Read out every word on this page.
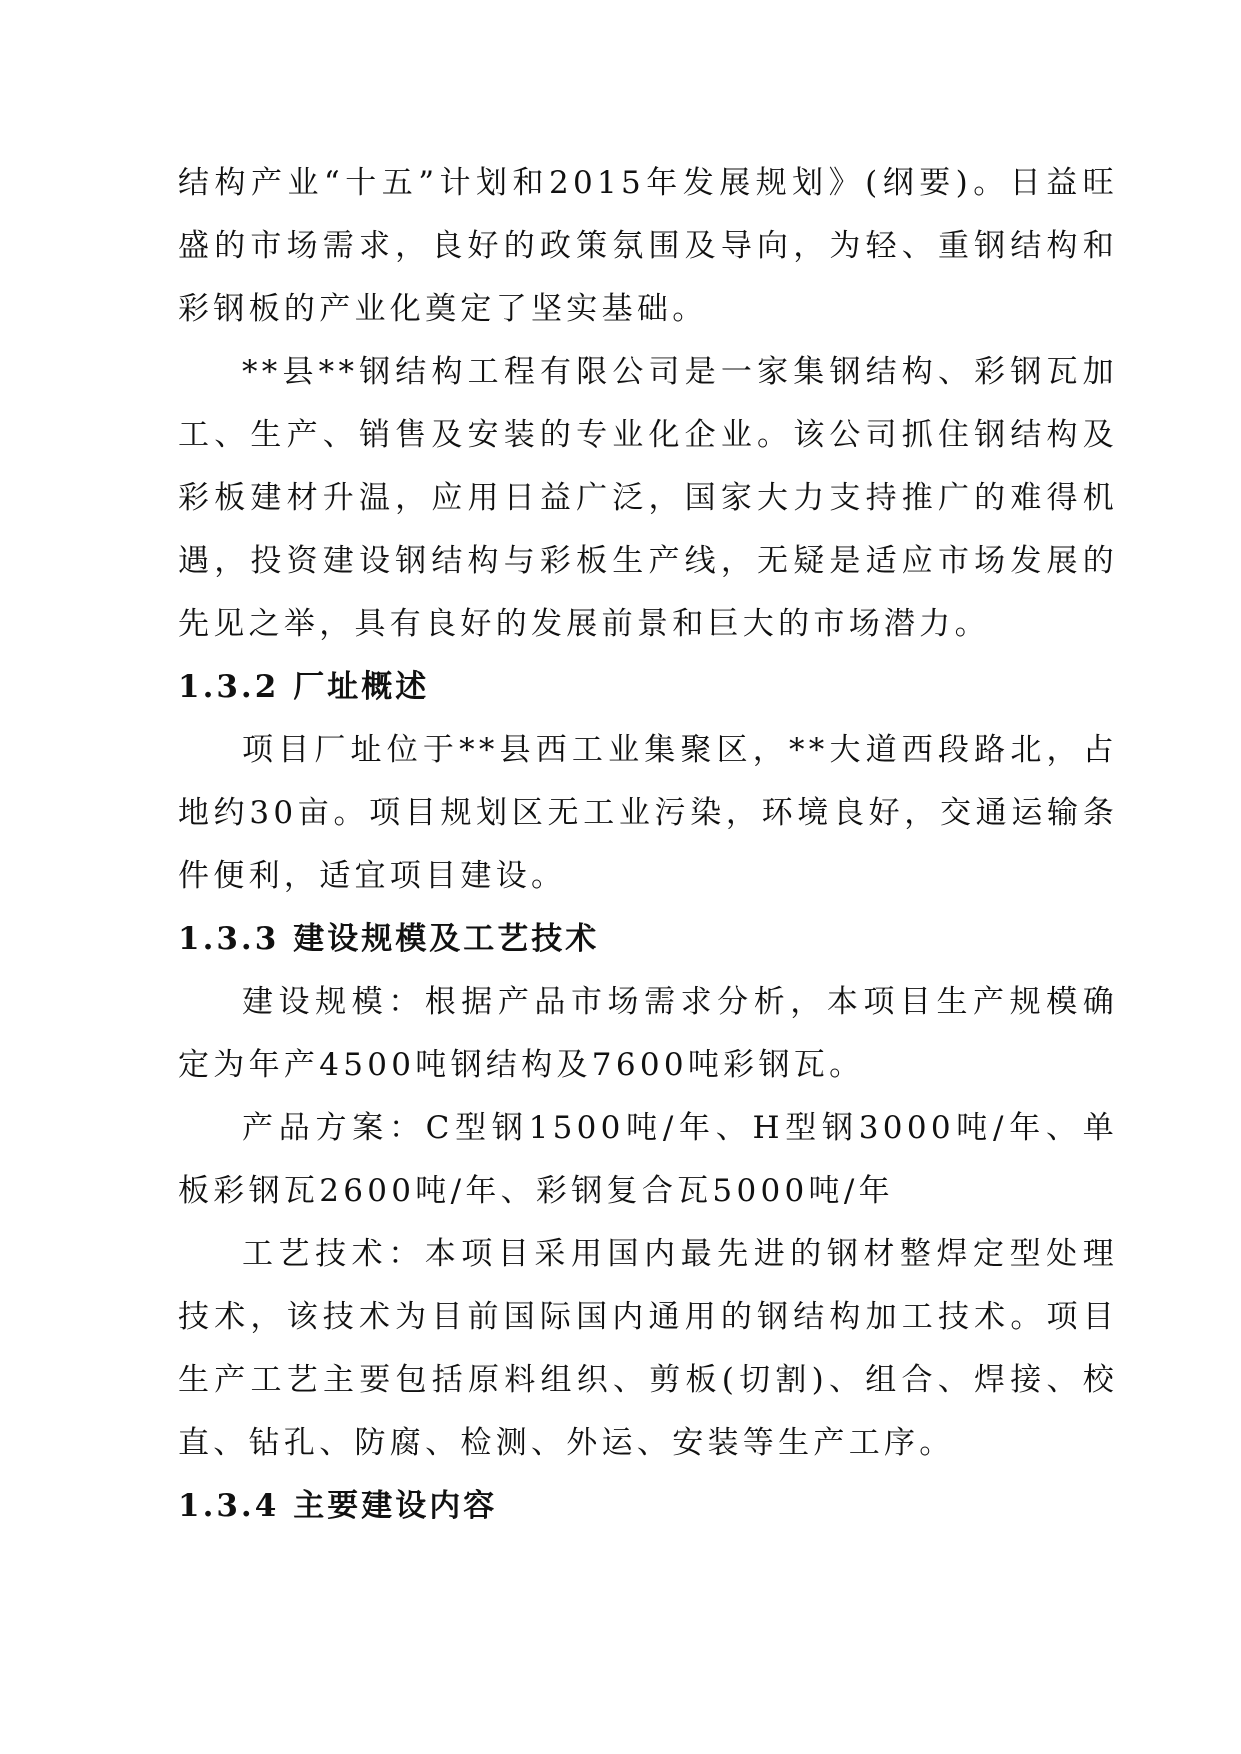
结构产业“十五”计划和2015年发展规划》(纲要)。日益旺盛的市场需求，良好的政策氛围及导向，为轻、重钢结构和彩钢板的产业化奠定了坚实基础。

**县**钢结构工程有限公司是一家集钢结构、彩钢瓦加工、生产、销售及安装的专业化企业。该公司抓住钢结构及彩板建材升温，应用日益广泛，国家大力支持推广的难得机遇，投资建设钢结构与彩板生产线，无疑是适应市场发展的先见之举，具有良好的发展前景和巨大的市场潜力。

1.3.2 厂址概述

项目厂址位于**县西工业集聚区，**大道西段路北，占地约30亩。项目规划区无工业污染，环境良好，交通运输条件便利，适宜项目建设。

1.3.3 建设规模及工艺技术

建设规模：根据产品市场需求分析，本项目生产规模确定为年产4500吨钢结构及7600吨彩钢瓦。

产品方案：C型钢1500吨/年、H型钢3000吨/年、单板彩钢瓦2600吨/年、彩钢复合瓦5000吨/年

工艺技术：本项目采用国内最先进的钢材整焊定型处理技术，该技术为目前国际国内通用的钢结构加工技术。项目生产工艺主要包括原料组织、剪板(切割)、组合、焊接、校直、钻孔、防腐、检测、外运、安装等生产工序。

1.3.4 主要建设内容
